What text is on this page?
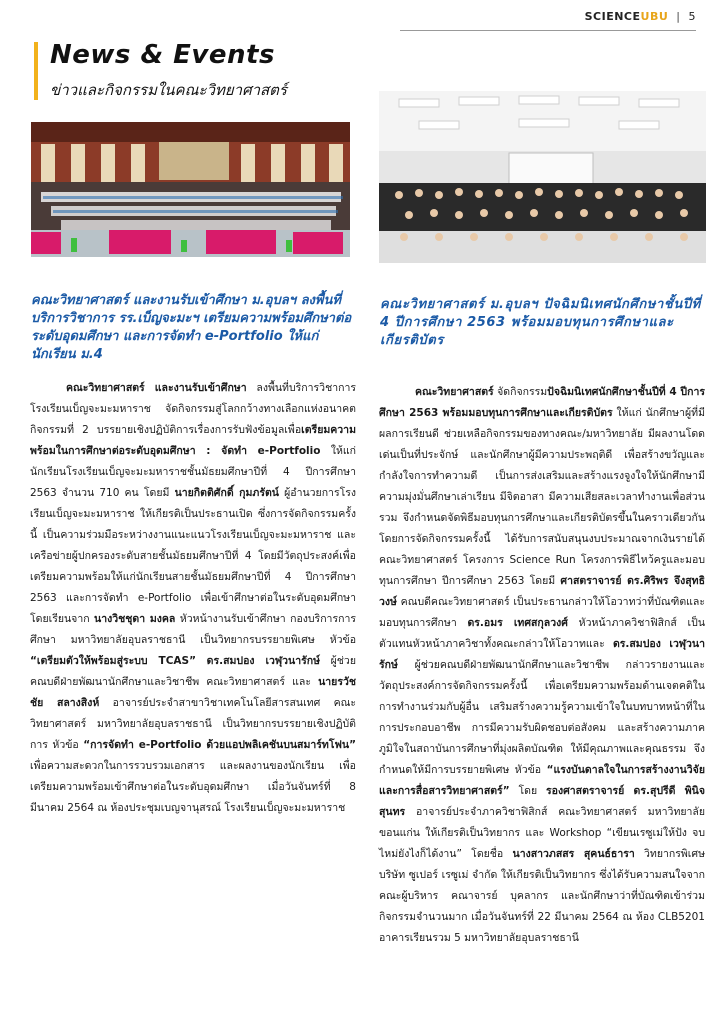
SCIENCEUBU | 5
News & Events
ข่าวและกิจกรรมในคณะวิทยาศาสตร์
คณะวิทยาศาสตร์ และงานรับเข้าศึกษา ม.อุบลฯ ลงพื้นที่บริการวิชาการ รร.เบ็ญจะมะฯ เตรียมความพร้อมศึกษาต่อระดับอุดมศึกษา และการจัดทำ e-Portfolio ให้แก่นักเรียน ม.4
คณะวิทยาศาสตร์ ม.อุบลฯ ปัจฉิมนิเทศนักศึกษาชั้นปีที่ 4 ปีการศึกษา 2563 พร้อมมอบทุนการศึกษาและเกียรติบัตร

คณะวิทยาศาสตร์ และงานรับเข้าศึกษา ลงพื้นที่บริการวิชาการโรงเรียนเบ็ญจะมะมหาราช จัดกิจกรรมสู่โลกกว้างทางเลือกแห่งอนาคต กิจกรรมที่ 2 บรรยายเชิงปฏิบัติการเรื่องการรับฟังข้อมูลเพื่อเตรียมความพร้อมในการศึกษาต่อระดับอุดมศึกษา : จัดทำ e-Portfolio ให้แก่ นักเรียนโรงเรียนเบ็ญจะมะมหาราชชั้นมัธยมศึกษาปีที่ 4 ปีการศึกษา 2563 จำนวน 710 คน โดยมี นายกิตติศักดิ์ กุมภรัตน์ ผู้อำนวยการโรงเรียนเบ็ญจะมะมหาราช ให้เกียรติเป็นประธานเปิด ซึ่งการจัดกิจกรรมครั้งนี้ เป็นความร่วมมือระหว่างงานแนะแนวโรงเรียนเบ็ญจะมะมหาราช และเครือข่ายผู้ปกครองระดับสายชั้นมัธยมศึกษาปีที่ 4 โดยมีวัตถุประสงค์เพื่อเตรียมความพร้อมให้แก่นักเรียนสายชั้นมัธยมศึกษาปีที่ 4 ปีการศึกษา 2563 และการจัดทำ e-Portfolio เพื่อเข้าศึกษาต่อในระดับอุดมศึกษา โดยเรียนจาก นางวิชชุดา มงคล หัวหน้างานรับเข้าศึกษา กองบริการการศึกษา มหาวิทยาลัยอุบลราชธานี เป็นวิทยากรบรรยายพิเศษ หัวข้อ “เตรียมตัวให้พร้อมสู่ระบบ TCAS” ดร.สมปอง เวฬุวนารักษ์ ผู้ช่วยคณบดีฝ่ายพัฒนานักศึกษาและวิชาชีพ คณะวิทยาศาสตร์ และ นายรวัชชัย สลางสิงห์ อาจารย์ประจำสาขาวิชาเทคโนโลยีสารสนเทศ คณะวิทยาศาสตร์ มหาวิทยาลัยอุบลราชธานี เป็นวิทยากรบรรยายเชิงปฏิบัติการ หัวข้อ “การจัดทำ e-Portfolio ด้วยแอปพลิเคชันบนสมาร์ทโฟน” เพื่อความสะดวกในการรวบรวมเอกสาร และผลงานของนักเรียน เพื่อเตรียมความพร้อมเข้าศึกษาต่อในระดับอุดมศึกษา เมื่อวันจันทร์ที่ 8 มีนาคม 2564 ณ ห้องประชุมเบญจานุสรณ์ โรงเรียนเบ็ญจะมะมหาราช

คณะวิทยาศาสตร์ จัดกิจกรรมปัจฉิมนิเทศนักศึกษาชั้นปีที่ 4 ปีการศึกษา 2563 พร้อมมอบทุนการศึกษาและเกียรติบัตร ให้แก่ นักศึกษาผู้ที่มีผลการเรียนดี ช่วยเหลือกิจกรรมของทางคณะ/มหาวิทยาลัย มีผลงานโดดเด่นเป็นที่ประจักษ์ และนักศึกษาผู้มีความประพฤติดี เพื่อสร้างขวัญและกำลังใจการทำความดี เป็นการส่งเสริมและสร้างแรงจูงใจให้นักศึกษามีความมุ่งมั่นศึกษาเล่าเรียน มีจิตอาสา มีความเสียสละเวลาทำงานเพื่อส่วนรวม จึงกำหนดจัดพิธีมอบทุนการศึกษาและเกียรติบัตรขึ้นในคราวเดียวกันโดยการจัดกิจกรรมครั้งนี้ ได้รับการสนับสนุนงบประมาณจากเงินรายได้คณะวิทยาศาสตร์ โครงการ Science Run โครงการพิธีไหว้ครูและมอบทุนการศึกษา ปีการศึกษา 2563 โดยมี ศาสตราจารย์ ดร.ศิริพร จึงสุทธิวงษ์ คณบดีคณะวิทยาศาสตร์ เป็นประธานกล่าวให้โอวาทว่าที่บัณฑิตและมอบทุนการศึกษา ดร.อมร เทศสกุลวงศ์ หัวหน้าภาควิชาฟิสิกส์ เป็นตัวแทนหัวหน้าภาควิชาทั้งคณะกล่าวให้โอวาทและ ดร.สมปอง เวฬุวนารักษ์ ผู้ช่วยคณบดีฝ่ายพัฒนานักศึกษาและวิชาชีพ กล่าวรายงานและวัตถุประสงค์การจัดกิจกรรมครั้งนี้ เพื่อเตรียมความพร้อมด้านเจตคติในการทำงานร่วมกับผู้อื่น เสริมสร้างความรู้ความเข้าใจในบทบาทหน้าที่ในการประกอบอาชีพ การมีความรับผิดชอบต่อสังคม และสร้างความภาคภูมิใจในสถาบันการศึกษาที่มุ่งผลิตบัณฑิต ให้มีคุณภาพและคุณธรรม จึงกำหนดให้มีการบรรยายพิเศษ หัวข้อ “แรงบันดาลใจในการสร้างงานวิจัยและการสื่อสารวิทยาศาสตร์” โดย รองศาสตราจารย์ ดร.สุปรีดี พินิจสุนทร อาจารย์ประจำภาควิชาฟิสิกส์ คณะวิทยาศาสตร์ มหาวิทยาลัยขอนแก่น ให้เกียรติเป็นวิทยากร และ Workshop “เขียนเรซูเม่ให้ปัง จบไหม่ยังไงก็ได้งาน” โดยชื่อ นางสาวภสสร สุคนธ์ธารา วิทยากรพิเศษ บริษัท ซูเปอร์ เรซูเม่ จำกัด ให้เกียรติเป็นวิทยากร ซึ่งได้รับความสนใจจากคณะผู้บริหาร คณาจารย์ บุคลากร และนักศึกษาว่าที่บัณฑิตเข้าร่วมกิจกรรมจำนวนมาก เมื่อวันจันทร์ที่ 22 มีนาคม 2564 ณ ห้อง CLB5201 อาคารเรียนรวม 5 มหาวิทยาลัยอุบลราชธานี
